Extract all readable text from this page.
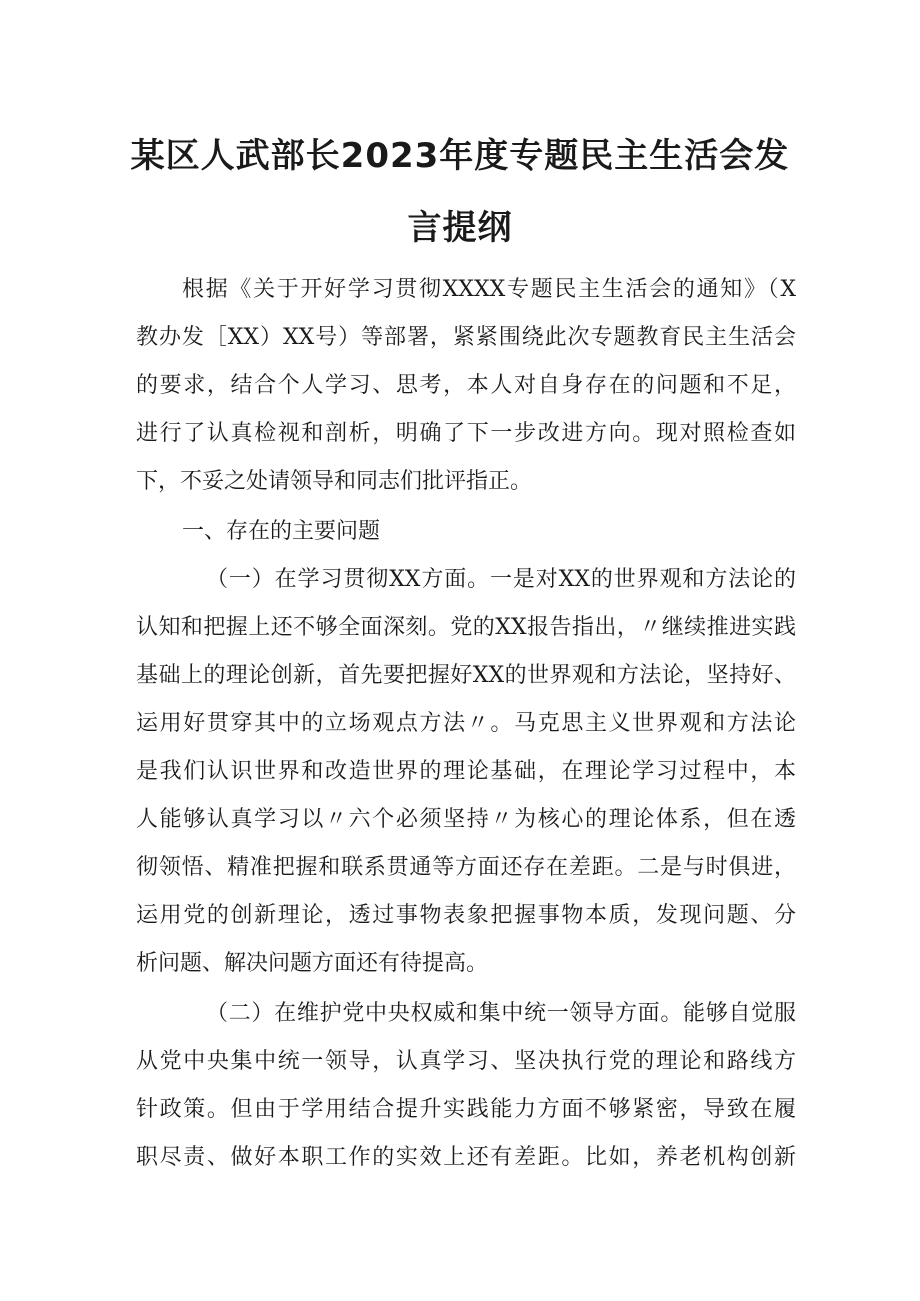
某区人武部长2023年度专题民主生活会发
言提纲
根据《关于开好学习贯彻XXXX专题民主生活会的通知》（X
教办发［XX）XX号）等部署，紧紧围绕此次专题教育民主生活会
的要求，结合个人学习、思考，本人对自身存在的问题和不足，
进行了认真检视和剖析，明确了下一步改进方向。现对照检查如
下，不妥之处请领导和同志们批评指正。
一、存在的主要问题
（一）在学习贯彻XX方面。一是对XX的世界观和方法论的
认知和把握上还不够全面深刻。党的XX报告指出，〃继续推进实践
基础上的理论创新，首先要把握好XX的世界观和方法论，坚持好、
运用好贯穿其中的立场观点方法〃。马克思主义世界观和方法论
是我们认识世界和改造世界的理论基础，在理论学习过程中，本
人能够认真学习以〃六个必须坚持〃为核心的理论体系，但在透
彻领悟、精准把握和联系贯通等方面还存在差距。二是与时俱进，
运用党的创新理论，透过事物表象把握事物本质，发现问题、分
析问题、解决问题方面还有待提高。
（二）在维护党中央权威和集中统一领导方面。能够自觉服
从党中央集中统一领导，认真学习、坚决执行党的理论和路线方
针政策。但由于学用结合提升实践能力方面不够紧密，导致在履
职尽责、做好本职工作的实效上还有差距。比如，养老机构创新
